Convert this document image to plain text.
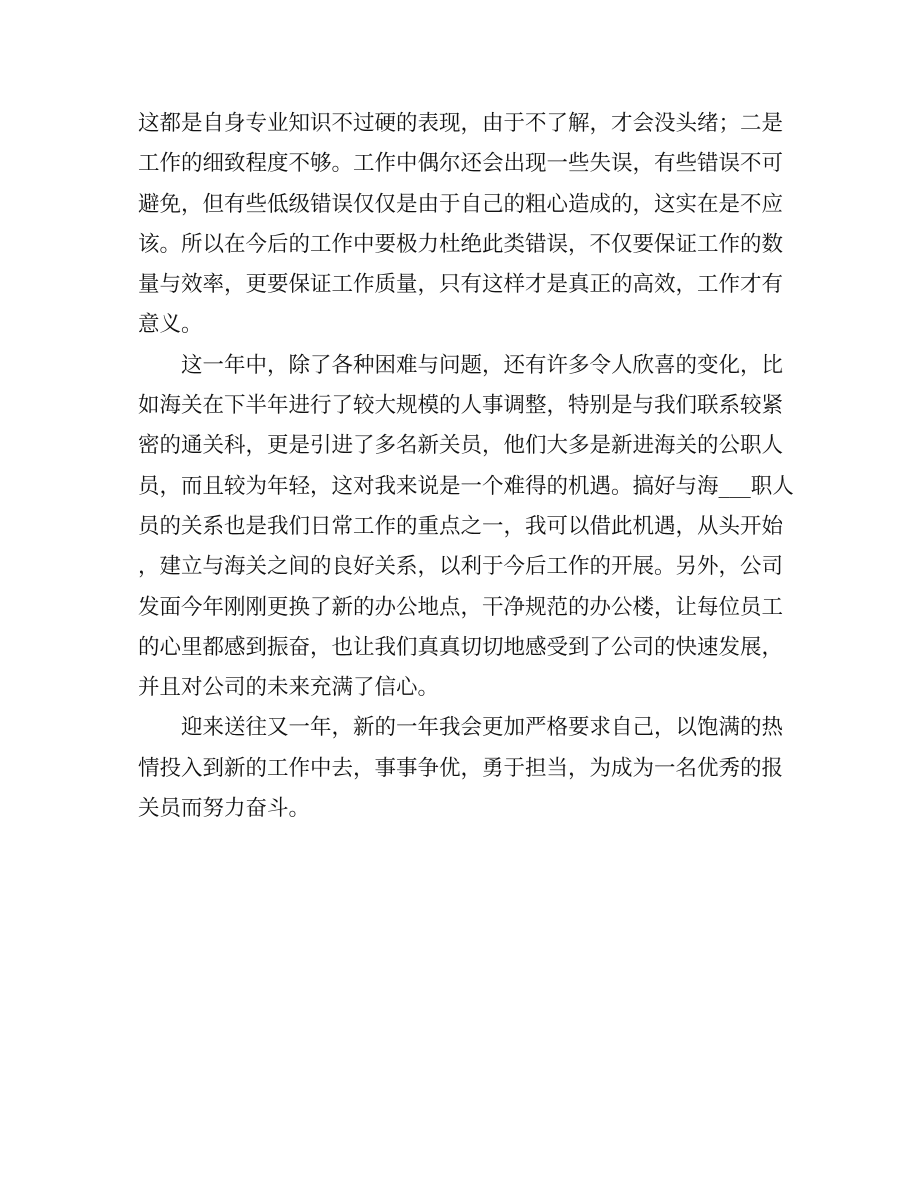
这都是自身专业知识不过硬的表现，由于不了解，才会没头绪；二是
工作的细致程度不够。工作中偶尔还会出现一些失误，有些错误不可
避免，但有些低级错误仅仅是由于自己的粗心造成的，这实在是不应
该。所以在今后的工作中要极力杜绝此类错误，不仅要保证工作的数
量与效率，更要保证工作质量，只有这样才是真正的高效，工作才有
意义。
这一年中，除了各种困难与问题，还有许多令人欣喜的变化，比
如海关在下半年进行了较大规模的人事调整，特别是与我们联系较紧
密的通关科，更是引进了多名新关员，他们大多是新进海关的公职人
员，而且较为年轻，这对我来说是一个难得的机遇。搞好与海___职人
员的关系也是我们日常工作的重点之一，我可以借此机遇，从头开始
，建立与海关之间的良好关系，以利于今后工作的开展。另外，公司
发面今年刚刚更换了新的办公地点，干净规范的办公楼，让每位员工
的心里都感到振奋，也让我们真真切切地感受到了公司的快速发展，
并且对公司的未来充满了信心。
迎来送往又一年，新的一年我会更加严格要求自己，以饱满的热
情投入到新的工作中去，事事争优，勇于担当，为成为一名优秀的报
关员而努力奋斗。
